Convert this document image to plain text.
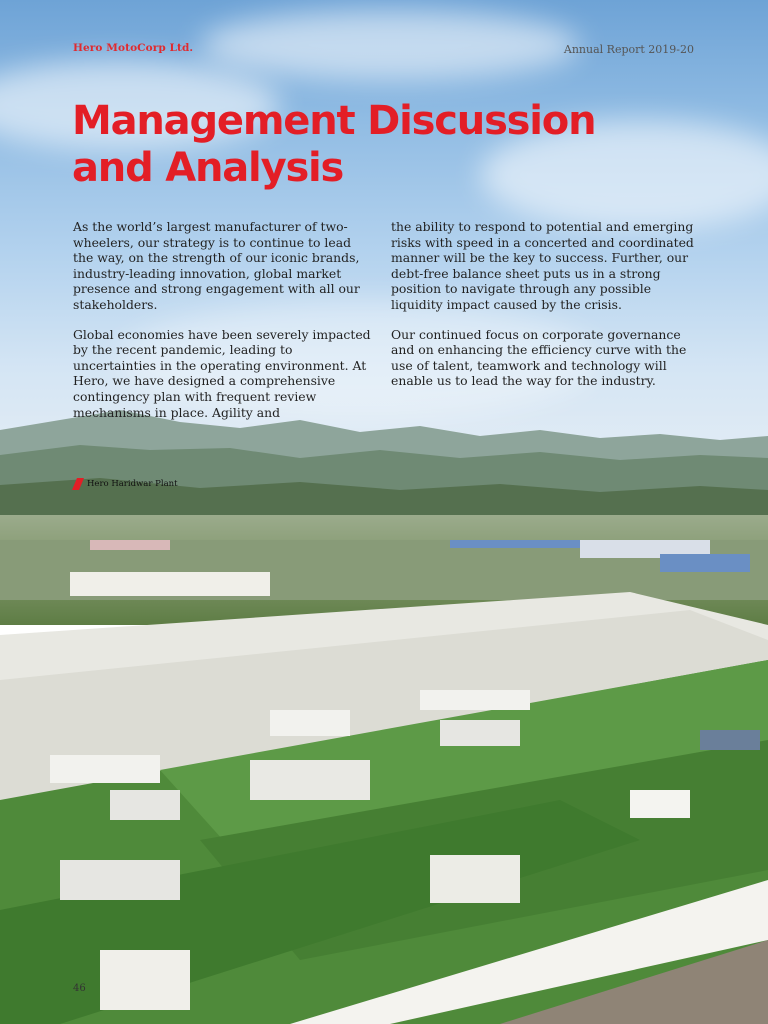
Hero MotoCorp Ltd.	Annual Report 2019-20

Management Discussion
and Analysis

As the world’s largest manufacturer of two-wheelers, our strategy is to continue to lead the way, on the strength of our iconic brands, industry-leading innovation, global market presence and strong engagement with all our stakeholders.

Global economies have been severely impacted by the recent pandemic, leading to uncertainties in the operating environment. At Hero, we have designed a comprehensive contingency plan with frequent review mechanisms in place. Agility and

the ability to respond to potential and emerging risks with speed in a concerted and coordinated manner will be the key to success. Further, our debt-free balance sheet puts us in a strong position to navigate through any possible liquidity impact caused by the crisis.

Our continued focus on corporate governance and on enhancing the efficiency curve with the use of talent, teamwork and technology will enable us to lead the way for the industry.

Hero Haridwar Plant

46
